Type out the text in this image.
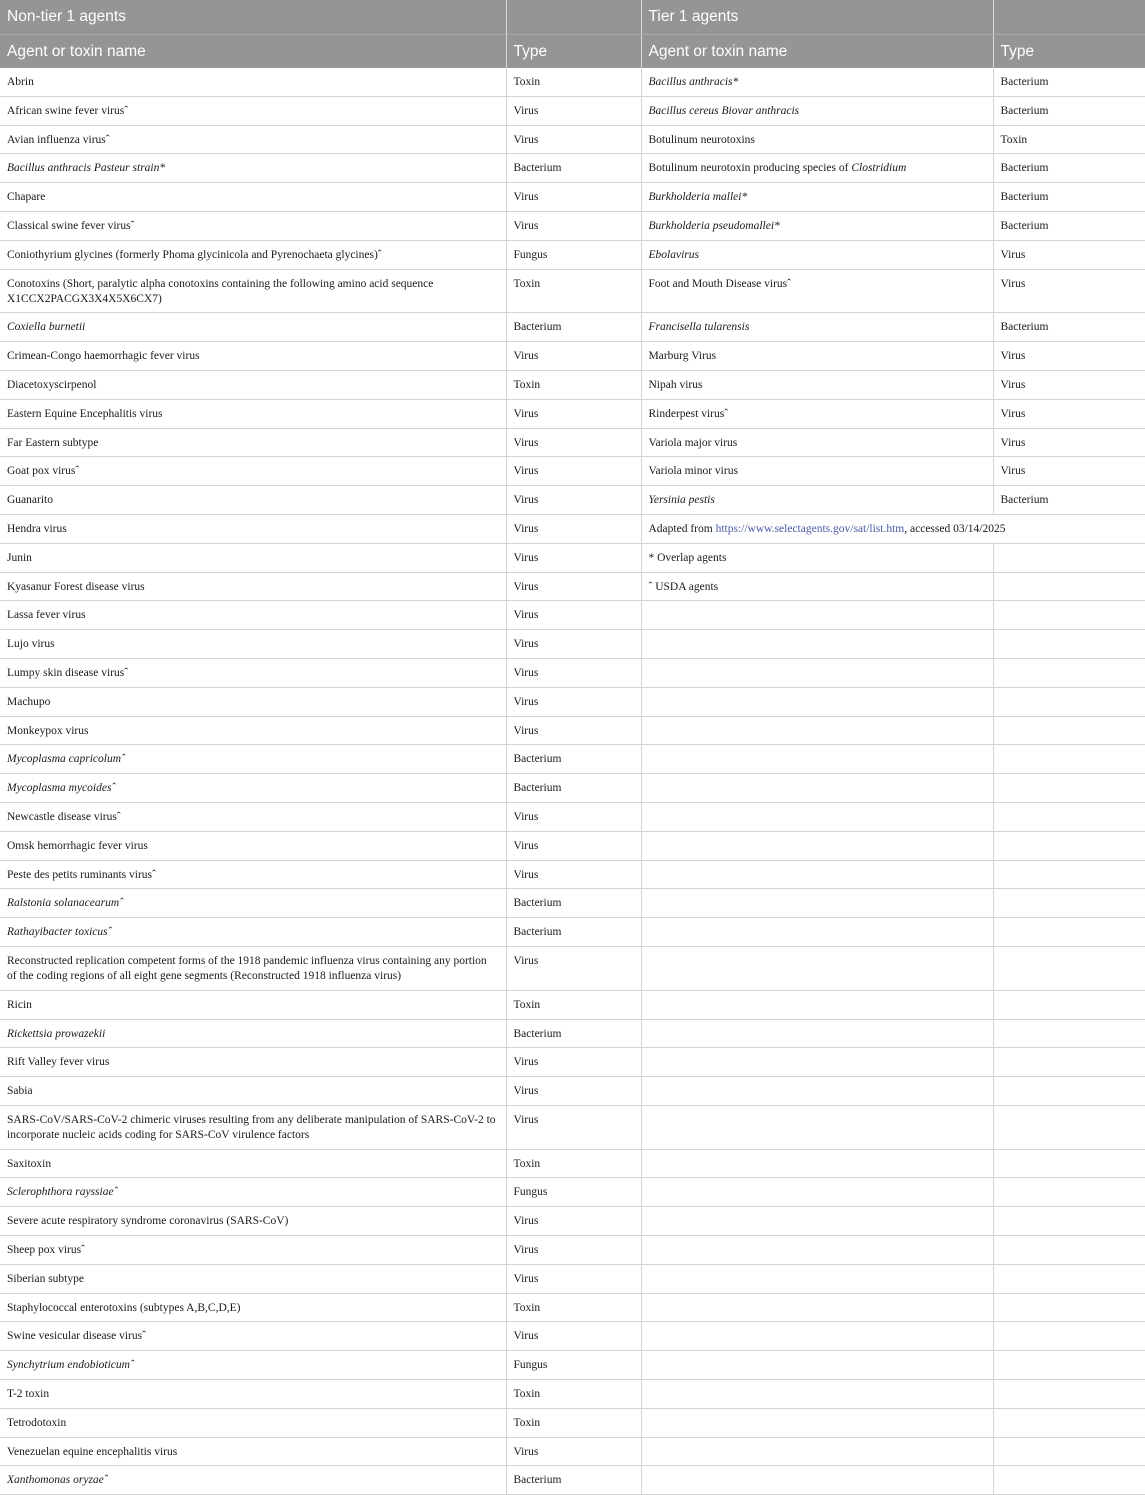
Non-tier 1 agents		Tier 1 agents	
Agent or toxin name	Type	Agent or toxin name	Type
Abrin	Toxin	Bacillus anthracis*	Bacterium
African swine fever virusˆ	Virus	Bacillus cereus Biovar anthracis	Bacterium
Avian influenza virusˆ	Virus	Botulinum neurotoxins	Toxin
Bacillus anthracis Pasteur strain*	Bacterium	Botulinum neurotoxin producing species of Clostridium	Bacterium
Chapare	Virus	Burkholderia mallei*	Bacterium
Classical swine fever virusˆ	Virus	Burkholderia pseudomallei*	Bacterium
Coniothyrium glycines (formerly Phoma glycinicola and Pyrenochaeta glycines)ˆ	Fungus	Ebolavirus	Virus
Conotoxins (Short, paralytic alpha conotoxins containing the following amino acid sequence X1CCX2PACGX3X4X5X6CX7)	Toxin	Foot and Mouth Disease virusˆ	Virus
Coxiella burnetii	Bacterium	Francisella tularensis	Bacterium
Crimean-Congo haemorrhagic fever virus	Virus	Marburg Virus	Virus
Diacetoxyscirpenol	Toxin	Nipah virus	Virus
Eastern Equine Encephalitis virus	Virus	Rinderpest virusˆ	Virus
Far Eastern subtype	Virus	Variola major virus	Virus
Goat pox virusˆ	Virus	Variola minor virus	Virus
Guanarito	Virus	Yersinia pestis	Bacterium
Hendra virus	Virus	Adapted from https://www.selectagents.gov/sat/list.htm, accessed 03/14/2025	
Junin	Virus	* Overlap agents	
Kyasanur Forest disease virus	Virus	ˆ USDA agents	
Lassa fever virus	Virus		
Lujo virus	Virus		
Lumpy skin disease virusˆ	Virus		
Machupo	Virus		
Monkeypox virus	Virus		
Mycoplasma capricolumˆ	Bacterium		
Mycoplasma mycoidesˆ	Bacterium		
Newcastle disease virusˆ	Virus		
Omsk hemorrhagic fever virus	Virus		
Peste des petits ruminants virusˆ	Virus		
Ralstonia solanacearumˆ	Bacterium		
Rathayibacter toxicusˆ	Bacterium		
Reconstructed replication competent forms of the 1918 pandemic influenza virus containing any portion of the coding regions of all eight gene segments (Reconstructed 1918 influenza virus)	Virus		
Ricin	Toxin		
Rickettsia prowazekii	Bacterium		
Rift Valley fever virus	Virus		
Sabia	Virus		
SARS-CoV/SARS-CoV-2 chimeric viruses resulting from any deliberate manipulation of SARS-CoV-2 to incorporate nucleic acids coding for SARS-CoV virulence factors	Virus		
Saxitoxin	Toxin		
Sclerophthora rayssiaeˆ	Fungus		
Severe acute respiratory syndrome coronavirus (SARS-CoV)	Virus		
Sheep pox virusˆ	Virus		
Siberian subtype	Virus		
Staphylococcal enterotoxins (subtypes A,B,C,D,E)	Toxin		
Swine vesicular disease virusˆ	Virus		
Synchytrium endobioticumˆ	Fungus		
T-2 toxin	Toxin		
Tetrodotoxin	Toxin		
Venezuelan equine encephalitis virus	Virus		
Xanthomonas oryzaeˆ	Bacterium		
